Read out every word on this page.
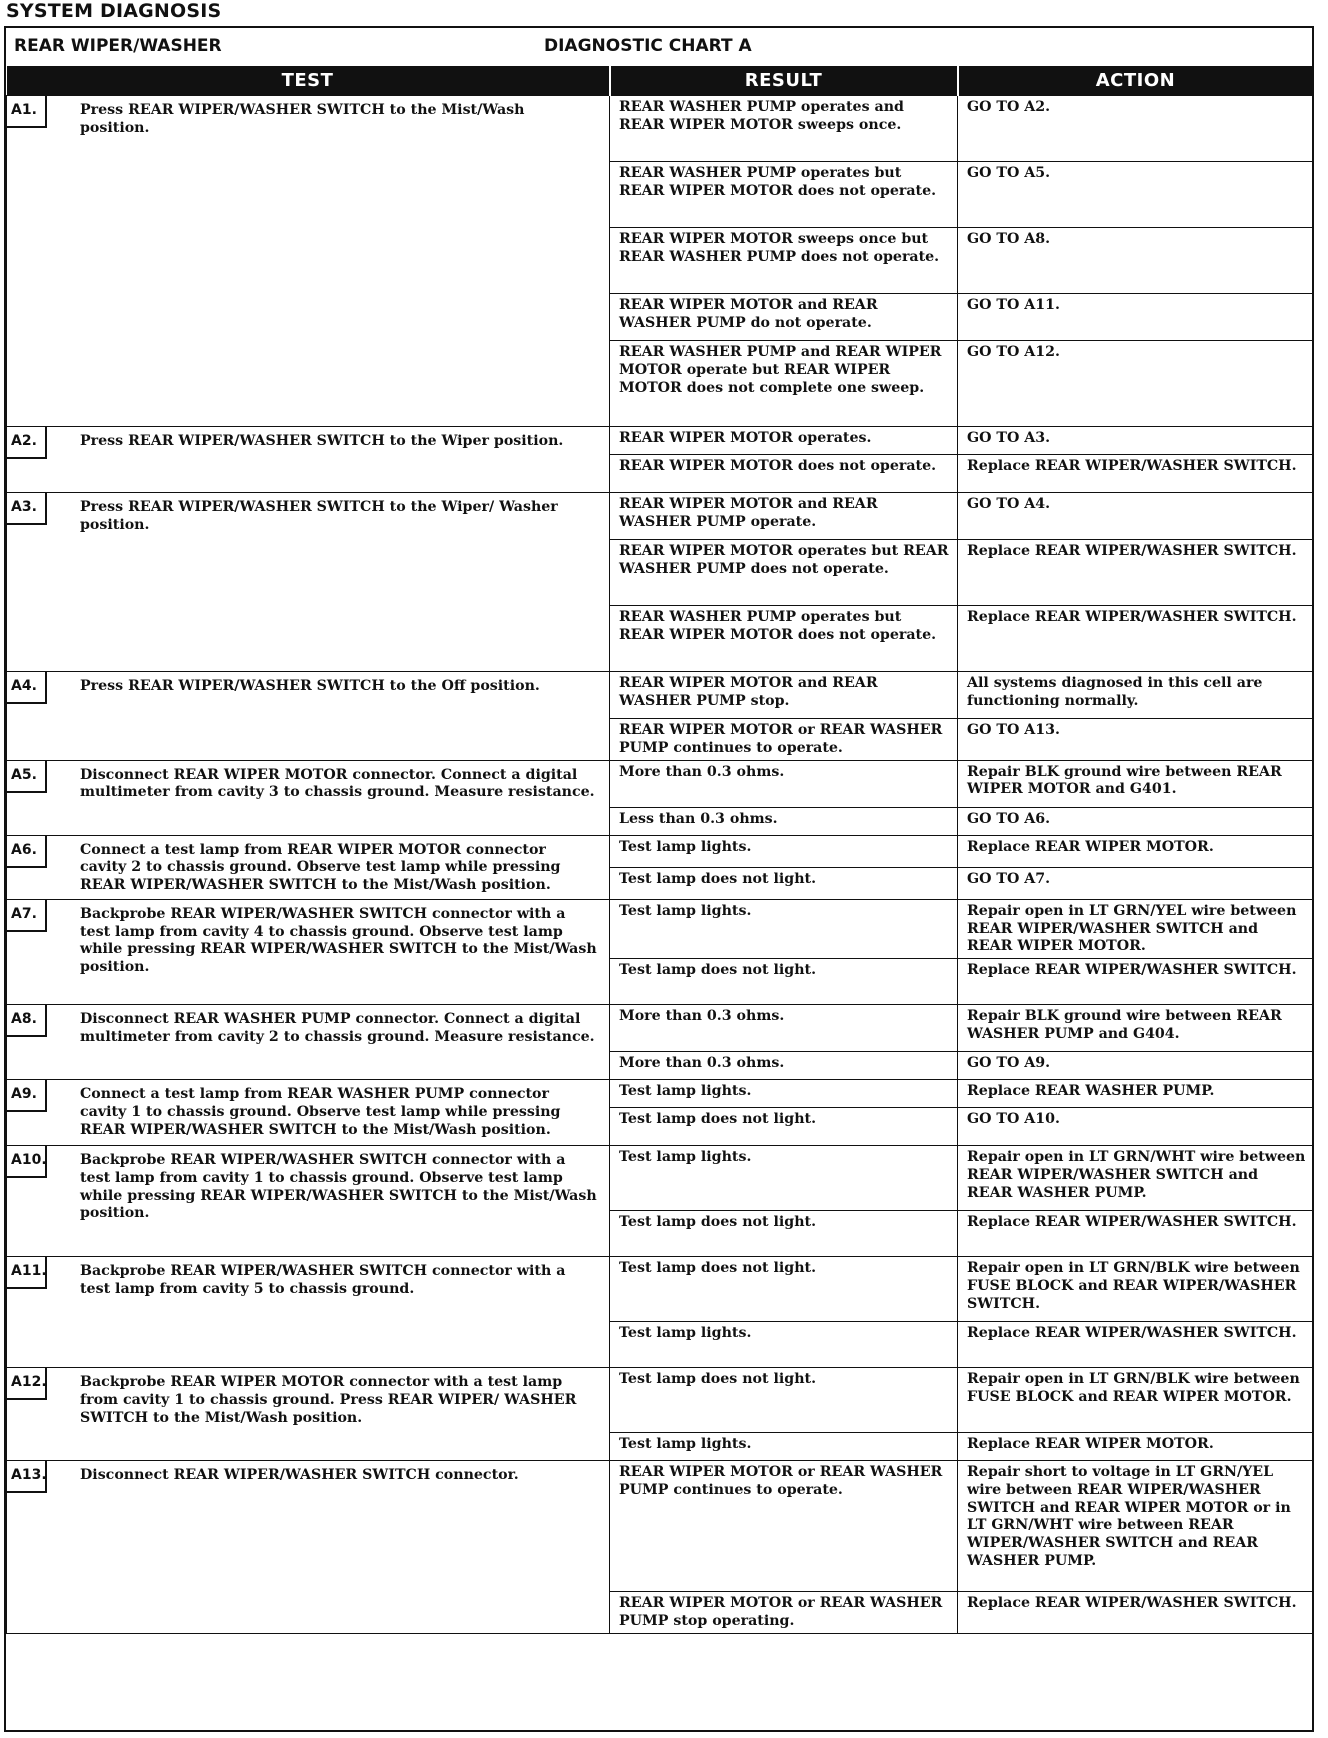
SYSTEM DIAGNOSIS
REAR WIPER/WASHER	DIAGNOSTIC CHART A
TEST	RESULT	ACTION

A1. Press REAR WIPER/WASHER SWITCH to the Mist/Wash position.	REAR WASHER PUMP operates and REAR WIPER MOTOR sweeps once.	GO TO A2.
	REAR WASHER PUMP operates but REAR WIPER MOTOR does not operate.	GO TO A5.
	REAR WIPER MOTOR sweeps once but REAR WASHER PUMP does not operate.	GO TO A8.
	REAR WIPER MOTOR and REAR WASHER PUMP do not operate.	GO TO A11.
	REAR WASHER PUMP and REAR WIPER MOTOR operate but REAR WIPER MOTOR does not complete one sweep.	GO TO A12.

A2. Press REAR WIPER/WASHER SWITCH to the Wiper position.	REAR WIPER MOTOR operates.	GO TO A3.
	REAR WIPER MOTOR does not operate.	Replace REAR WIPER/WASHER SWITCH.

A3. Press REAR WIPER/WASHER SWITCH to the Wiper/ Washer position.	REAR WIPER MOTOR and REAR WASHER PUMP operate.	GO TO A4.
	REAR WIPER MOTOR operates but REAR WASHER PUMP does not operate.	Replace REAR WIPER/WASHER SWITCH.
	REAR WASHER PUMP operates but REAR WIPER MOTOR does not operate.	Replace REAR WIPER/WASHER SWITCH.

A4. Press REAR WIPER/WASHER SWITCH to the Off position.	REAR WIPER MOTOR and REAR WASHER PUMP stop.	All systems diagnosed in this cell are functioning normally.
	REAR WIPER MOTOR or REAR WASHER PUMP continues to operate.	GO TO A13.

A5. Disconnect REAR WIPER MOTOR connector. Connect a digital multimeter from cavity 3 to chassis ground. Measure resistance.	More than 0.3 ohms.	Repair BLK ground wire between REAR WIPER MOTOR and G401.
	Less than 0.3 ohms.	GO TO A6.

A6. Connect a test lamp from REAR WIPER MOTOR connector cavity 2 to chassis ground. Observe test lamp while pressing REAR WIPER/WASHER SWITCH to the Mist/Wash position.	Test lamp lights.	Replace REAR WIPER MOTOR.
	Test lamp does not light.	GO TO A7.

A7. Backprobe REAR WIPER/WASHER SWITCH connector with a test lamp from cavity 4 to chassis ground. Observe test lamp while pressing REAR WIPER/WASHER SWITCH to the Mist/Wash position.	Test lamp lights.	Repair open in LT GRN/YEL wire between REAR WIPER/WASHER SWITCH and REAR WIPER MOTOR.
	Test lamp does not light.	Replace REAR WIPER/WASHER SWITCH.

A8. Disconnect REAR WASHER PUMP connector. Connect a digital multimeter from cavity 2 to chassis ground. Measure resistance.	More than 0.3 ohms.	Repair BLK ground wire between REAR WASHER PUMP and G404.
	More than 0.3 ohms.	GO TO A9.

A9. Connect a test lamp from REAR WASHER PUMP connector cavity 1 to chassis ground. Observe test lamp while pressing REAR WIPER/WASHER SWITCH to the Mist/Wash position.	Test lamp lights.	Replace REAR WASHER PUMP.
	Test lamp does not light.	GO TO A10.

A10. Backprobe REAR WIPER/WASHER SWITCH connector with a test lamp from cavity 1 to chassis ground. Observe test lamp while pressing REAR WIPER/WASHER SWITCH to the Mist/Wash position.	Test lamp lights.	Repair open in LT GRN/WHT wire between REAR WIPER/WASHER SWITCH and REAR WASHER PUMP.
	Test lamp does not light.	Replace REAR WIPER/WASHER SWITCH.

A11. Backprobe REAR WIPER/WASHER SWITCH connector with a test lamp from cavity 5 to chassis ground.	Test lamp does not light.	Repair open in LT GRN/BLK wire between FUSE BLOCK and REAR WIPER/WASHER SWITCH.
	Test lamp lights.	Replace REAR WIPER/WASHER SWITCH.

A12. Backprobe REAR WIPER MOTOR connector with a test lamp from cavity 1 to chassis ground. Press REAR WIPER/ WASHER SWITCH to the Mist/Wash position.	Test lamp does not light.	Repair open in LT GRN/BLK wire between FUSE BLOCK and REAR WIPER MOTOR.
	Test lamp lights.	Replace REAR WIPER MOTOR.

A13. Disconnect REAR WIPER/WASHER SWITCH connector.	REAR WIPER MOTOR or REAR WASHER PUMP continues to operate.	Repair short to voltage in LT GRN/YEL wire between REAR WIPER/WASHER SWITCH and REAR WIPER MOTOR or in LT GRN/WHT wire between REAR WIPER/WASHER SWITCH and REAR WASHER PUMP.
	REAR WIPER MOTOR or REAR WASHER PUMP stop operating.	Replace REAR WIPER/WASHER SWITCH.
